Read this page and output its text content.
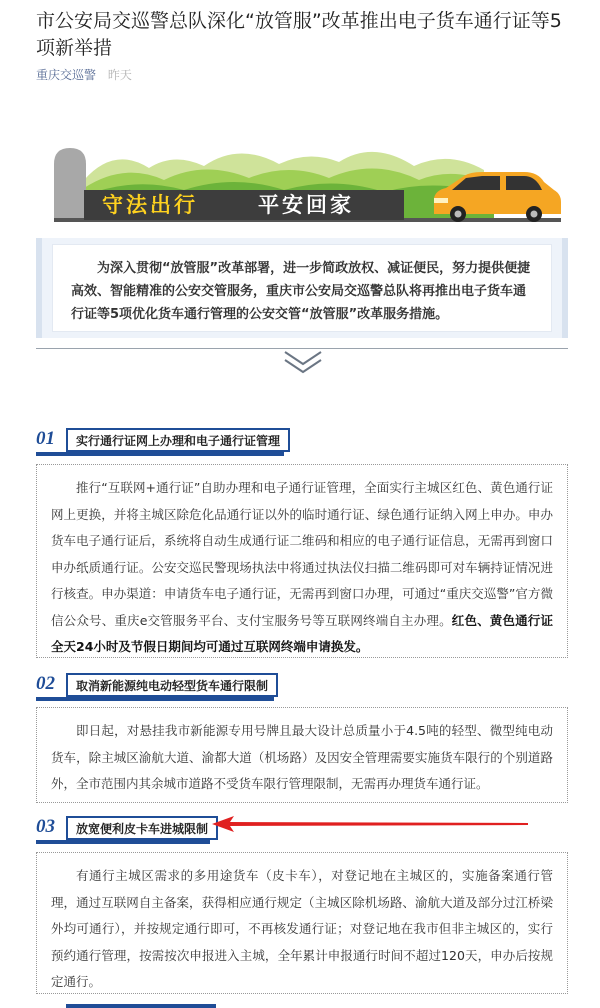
市公安局交巡警总队深化“放管服”改革推出电子货车通行证等5项新举措
重庆交巡警 昨天
守法出行	平安回家

为深入贯彻“放管服”改革部署，进一步简政放权、减证便民，努力提供便捷高效、智能精准的公安交管服务，重庆市公安局交巡警总队将再推出电子货车通行证等5项优化货车通行管理的公安交管“放管服”改革服务措施。

01	实行通行证网上办理和电子通行证管理

推行“互联网+通行证”自助办理和电子通行证管理，全面实行主城区红色、黄色通行证网上更换，并将主城区除危化品通行证以外的临时通行证、绿色通行证纳入网上申办。申办货车电子通行证后，系统将自动生成通行证二维码和相应的电子通行证信息，无需再到窗口申办纸质通行证。公安交巡民警现场执法中将通过执法仪扫描二维码即可对车辆持证情况进行核查。申办渠道：申请货车电子通行证，无需再到窗口办理，可通过“重庆交巡警”官方微信公众号、重庆e交管服务平台、支付宝服务号等互联网终端自主办理。红色、黄色通行证全天24小时及节假日期间均可通过互联网终端申请换发。

02	取消新能源纯电动轻型货车通行限制

即日起，对悬挂我市新能源专用号牌且最大设计总质量小于4.5吨的轻型、微型纯电动货车，除主城区渝航大道、渝都大道（机场路）及因安全管理需要实施货车限行的个别道路外，全市范围内其余城市道路不受货车限行管理限制，无需再办理货车通行证。

03	放宽便利皮卡车进城限制

有通行主城区需求的多用途货车（皮卡车），对登记地在主城区的，实施备案通行管理，通过互联网自主备案，获得相应通行规定（主城区除机场路、渝航大道及部分过江桥梁外均可通行），并按规定通行即可，不再核发通行证；对登记地在我市但非主城区的，实行预约通行管理，按需按次申报进入主城，全年累计申报通行时间不超过120天，申办后按规定通行。
